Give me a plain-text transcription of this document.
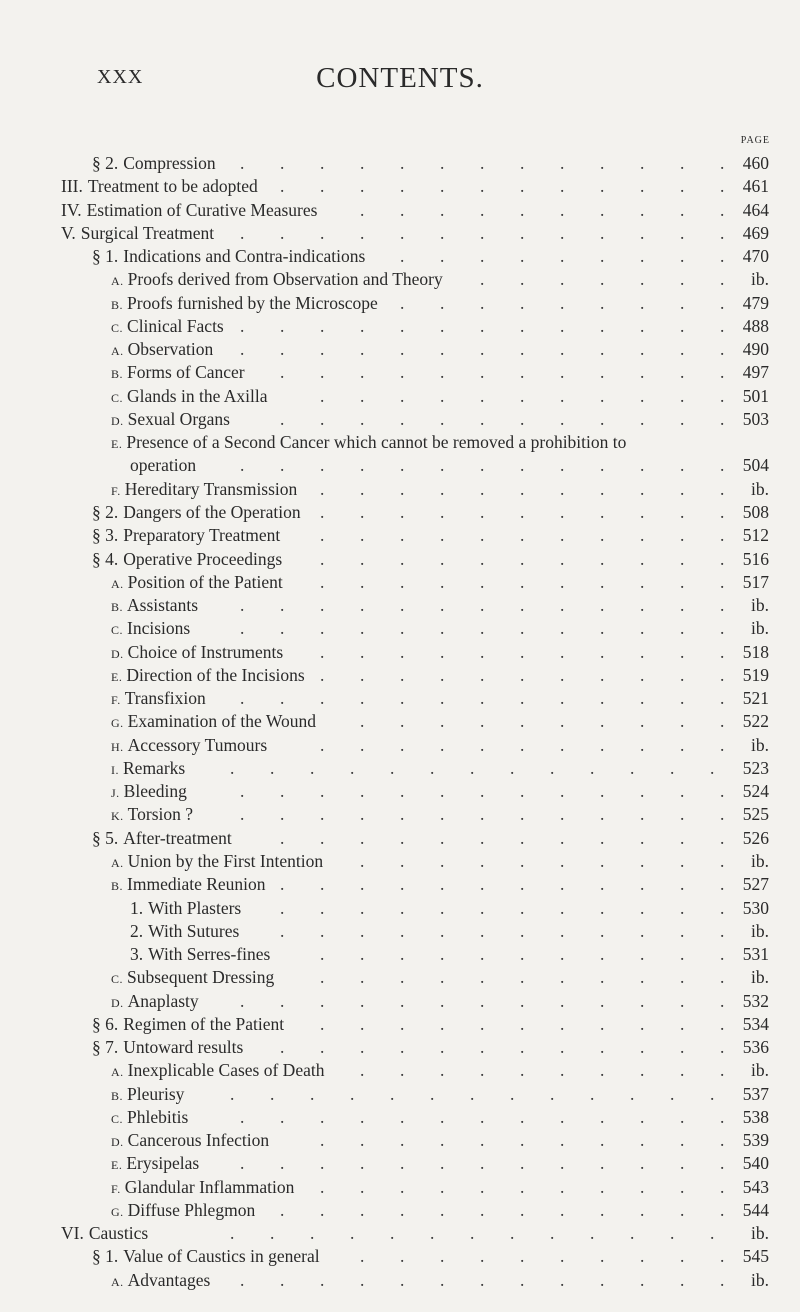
XXX	CONTENTS.
PAGE
§ 2. Compression	460
. . . . . . . . . . . . .
III. Treatment to be adopted	461
. . . . . . . . . . . .
IV. Estimation of Curative Measures	464
. . . . . . . . . .
V. Surgical Treatment	469
. . . . . . . . . . . . .
§ 1. Indications and Contra-indications	470
. . . . . . . . .
A. Proofs derived from Observation and Theory	ib.
. . . . . . .
B. Proofs furnished by the Microscope	479
. . . . . . . . .
C. Clinical Facts	488
. . . . . . . . . . . . .
A. Observation	490
. . . . . . . . . . . . .
B. Forms of Cancer	497
. . . . . . . . . . . .
C. Glands in the Axilla	501
. . . . . . . . . . .
D. Sexual Organs	503
. . . . . . . . . . . .
E. Presence of a Second Cancer which cannot be removed a prohibition to
operation	504
. . . . . . . . . . . . .
F. Hereditary Transmission	ib.
. . . . . . . . . . .
§ 2. Dangers of the Operation	508
. . . . . . . . . . .
§ 3. Preparatory Treatment	512
. . . . . . . . . . .
§ 4. Operative Proceedings	516
. . . . . . . . . . .
A. Position of the Patient	517
. . . . . . . . . . .
B. Assistants	ib.
. . . . . . . . . . . . .
C. Incisions	ib.
. . . . . . . . . . . . .
D. Choice of Instruments	518
. . . . . . . . . . .
E. Direction of the Incisions	519
. . . . . . . . . . .
F. Transfixion	521
. . . . . . . . . . . . .
G. Examination of the Wound	522
. . . . . . . . . .
H. Accessory Tumours	ib.
. . . . . . . . . . .
I. Remarks	523
. . . . . . . . . . . . .
J. Bleeding	524
. . . . . . . . . . . . .
K. Torsion ?	525
. . . . . . . . . . . . .
§ 5. After-treatment	526
. . . . . . . . . . . .
A. Union by the First Intention	ib.
. . . . . . . . . .
B. Immediate Reunion	527
. . . . . . . . . . . .
1. With Plasters	530
. . . . . . . . . . . .
2. With Sutures	ib.
. . . . . . . . . . . .
3. With Serres-fines	531
. . . . . . . . . . .
C. Subsequent Dressing	ib.
. . . . . . . . . . .
D. Anaplasty	532
. . . . . . . . . . . . .
§ 6. Regimen of the Patient	534
. . . . . . . . . . .
§ 7. Untoward results	536
. . . . . . . . . . . .
A. Inexplicable Cases of Death	ib.
. . . . . . . . . .
B. Pleurisy	537
. . . . . . . . . . . . .
C. Phlebitis	538
. . . . . . . . . . . . .
D. Cancerous Infection	539
. . . . . . . . . . .
E. Erysipelas	540
. . . . . . . . . . . . .
F. Glandular Inflammation	543
. . . . . . . . . . .
G. Diffuse Phlegmon	544
. . . . . . . . . . . .
VI. Caustics	ib.
. . . . . . . . . . . . .
§ 1. Value of Caustics in general	545
. . . . . . . . . .
A. Advantages	ib.
. . . . . . . . . . . . .
